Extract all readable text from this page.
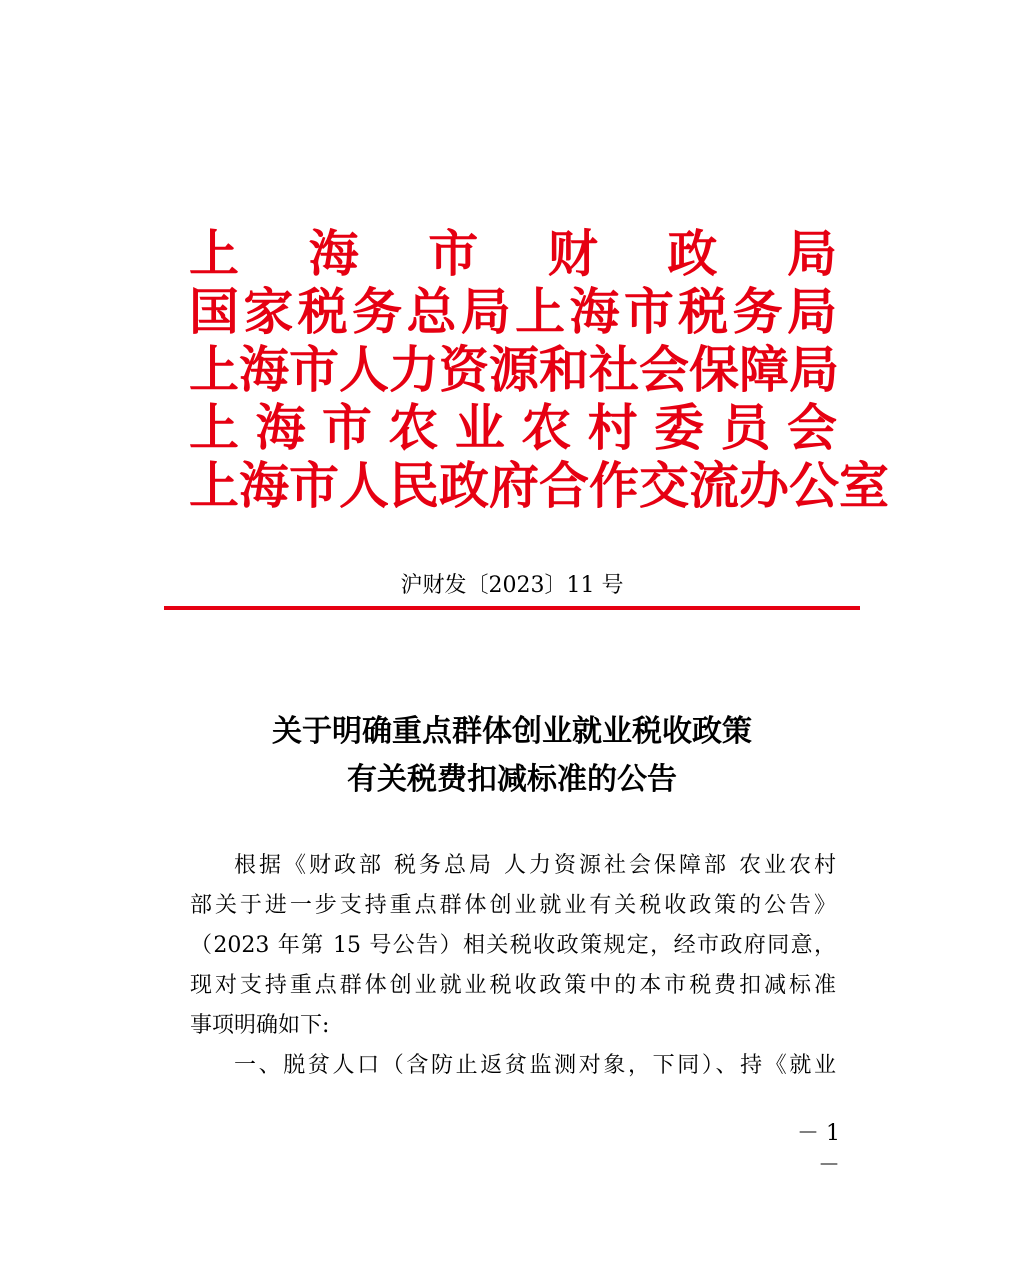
上 海 市 财 政 局
国 家 税 务 总 局 上 海 市 税 务 局
上 海 市 人 力 资 源 和 社 会 保 障 局
上 海 市 农 业 农 村 委 员 会
上 海 市 人 民 政 府 合 作 交 流 办 公 室
沪财发〔2023〕11 号
关于明确重点群体创业就业税收政策
有关税费扣减标准的公告
根据《财政部 税务总局 人力资源社会保障部 农业农村
部关于进一步支持重点群体创业就业有关税收政策的公告》
（2023 年第 15 号公告）相关税收政策规定，经市政府同意，
现对支持重点群体创业就业税收政策中的本市税费扣减标准
事项明确如下:
一、脱贫人口（含防止返贫监测对象，下同）、持《就业
－ 1 －
